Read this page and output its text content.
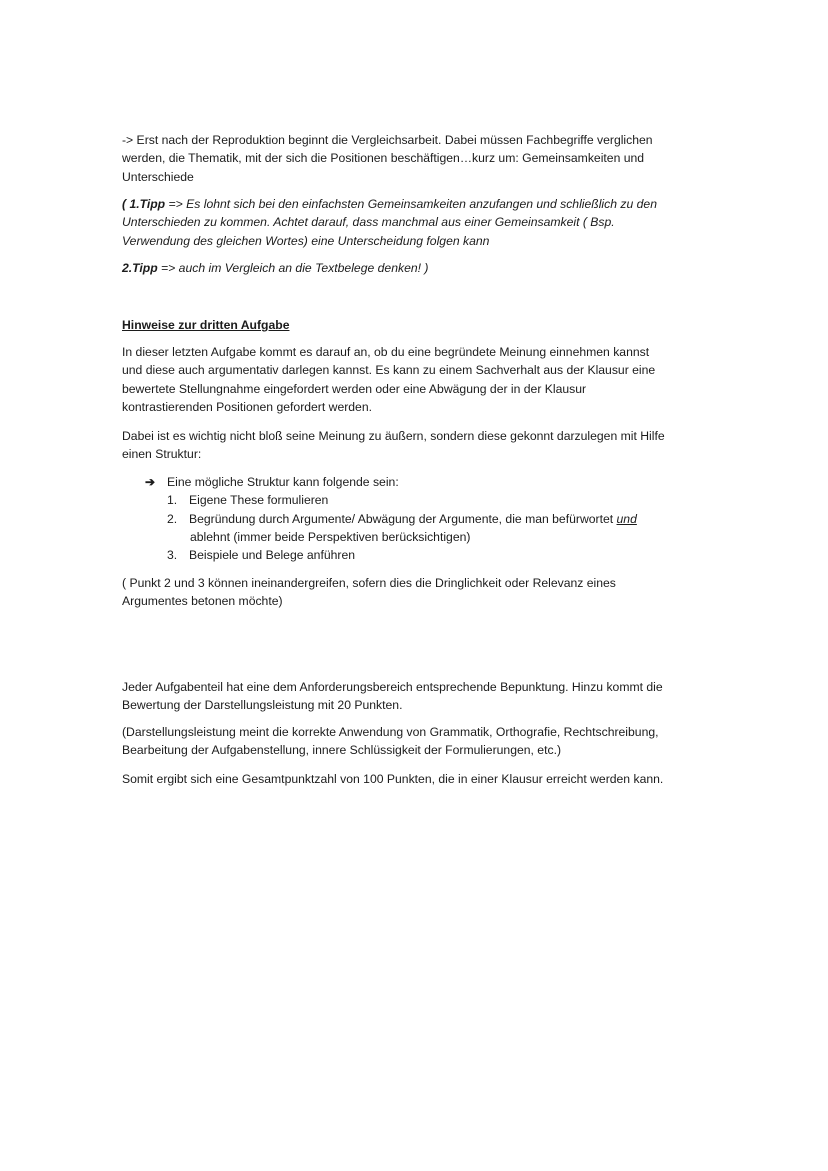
-> Erst nach der Reproduktion beginnt die Vergleichsarbeit. Dabei müssen Fachbegriffe verglichen
werden, die Thematik, mit der sich die Positionen beschäftigen…kurz um: Gemeinsamkeiten und
Unterschiede
( 1.Tipp => Es lohnt sich bei den einfachsten Gemeinsamkeiten anzufangen und schließlich zu den
Unterschieden zu kommen. Achtet darauf, dass manchmal aus einer Gemeinsamkeit ( Bsp.
Verwendung des gleichen Wortes) eine Unterscheidung folgen kann
2.Tipp => auch im Vergleich an die Textbelege denken! )
Hinweise zur dritten Aufgabe
In dieser letzten Aufgabe kommt es darauf an, ob du eine begründete Meinung einnehmen kannst
und diese auch argumentativ darlegen kannst. Es kann zu einem Sachverhalt aus der Klausur eine
bewertete Stellungnahme eingefordert werden oder eine Abwägung der in der Klausur
kontrastierenden Positionen gefordert werden.
Dabei ist es wichtig nicht bloß seine Meinung zu äußern, sondern diese gekonnt darzulegen mit Hilfe
einen Struktur:
➔ Eine mögliche Struktur kann folgende sein:
1. Eigene These formulieren
2. Begründung durch Argumente/ Abwägung der Argumente, die man befürwortet und
ablehnt (immer beide Perspektiven berücksichtigen)
3. Beispiele und Belege anführen
( Punkt 2 und 3 können ineinandergreifen, sofern dies die Dringlichkeit oder Relevanz eines
Argumentes betonen möchte)
Jeder Aufgabenteil hat eine dem Anforderungsbereich entsprechende Bepunktung. Hinzu kommt die
Bewertung der Darstellungsleistung mit 20 Punkten.
(Darstellungsleistung meint die korrekte Anwendung von Grammatik, Orthografie, Rechtschreibung,
Bearbeitung der Aufgabenstellung, innere Schlüssigkeit der Formulierungen, etc.)
Somit ergibt sich eine Gesamtpunktzahl von 100 Punkten, die in einer Klausur erreicht werden kann.
